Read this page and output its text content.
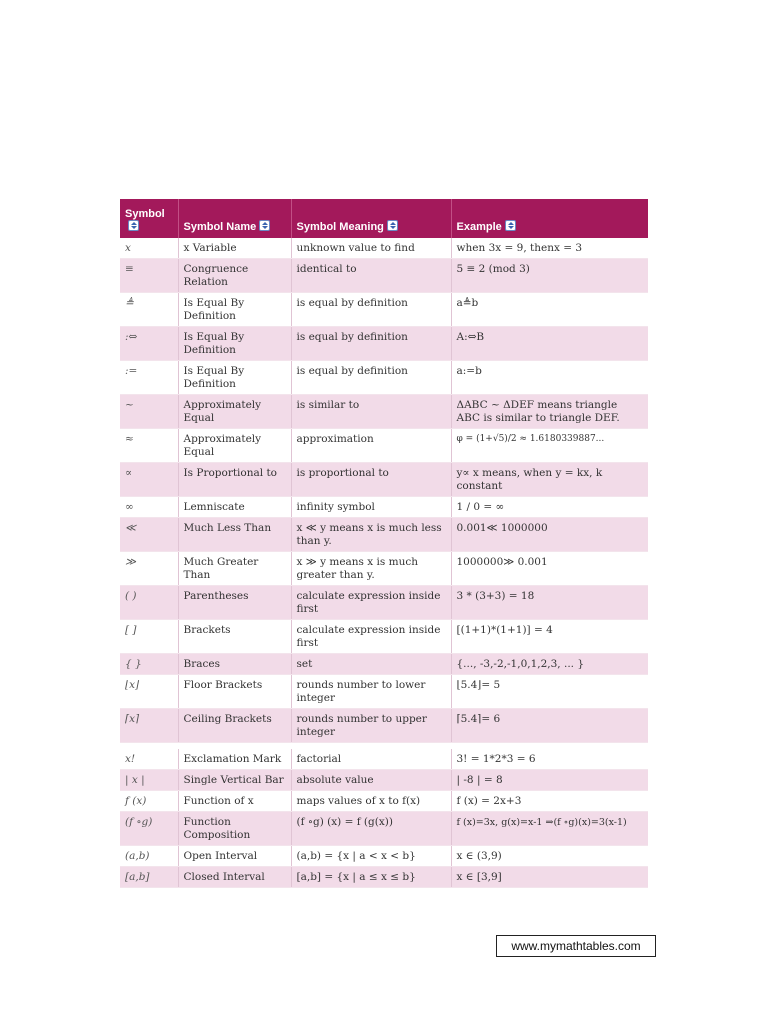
Symbol	Symbol Name	Symbol Meaning	Example
x	x Variable	unknown value to find	when 3x = 9, thenx = 3
≡	Congruence Relation	identical to	5 ≡ 2 (mod 3)
≜	Is Equal By Definition	is equal by definition	a≜b
:⇔	Is Equal By Definition	is equal by definition	A:⇔B
:=	Is Equal By Definition	is equal by definition	a:=b
~	Approximately Equal	is similar to	ΔABC ~ ΔDEF means triangle ABC is similar to triangle DEF.
≈	Approximately Equal	approximation	φ = (1+√5)/2 ≈ 1.6180339887...
∝	Is Proportional to	is proportional to	y∝ x means, when y = kx, k constant
∞	Lemniscate	infinity symbol	1 / 0 = ∞
≪	Much Less Than	x ≪ y means x is much less than y.	0.001≪ 1000000
≫	Much Greater Than	x ≫ y means x is much greater than y.	1000000≫ 0.001
( )	Parentheses	calculate expression inside first	3 * (3+3) = 18
[ ]	Brackets	calculate expression inside first	[(1+1)*(1+1)] = 4
{ }	Braces	set	{..., -3,-2,-1,0,1,2,3, ... }
⌊x⌋	Floor Brackets	rounds number to lower integer	⌊5.4⌋= 5
⌈x⌉	Ceiling Brackets	rounds number to upper integer	⌈5.4⌉= 6

x!	Exclamation Mark	factorial	3! = 1*2*3 = 6
| x |	Single Vertical Bar	absolute value	| -8 | = 8
f (x)	Function of x	maps values of x to f(x)	f (x) = 2x+3
(f ∘g)	Function Composition	(f ∘g) (x) = f (g(x))	f (x)=3x, g(x)=x-1 ⇒(f ∘g)(x)=3(x-1)
(a,b)	Open Interval	(a,b) = {x | a < x < b}	x ∈ (3,9)
[a,b]	Closed Interval	[a,b] = {x | a ≤ x ≤ b}	x ∈ [3,9]
www.mymathtables.com
